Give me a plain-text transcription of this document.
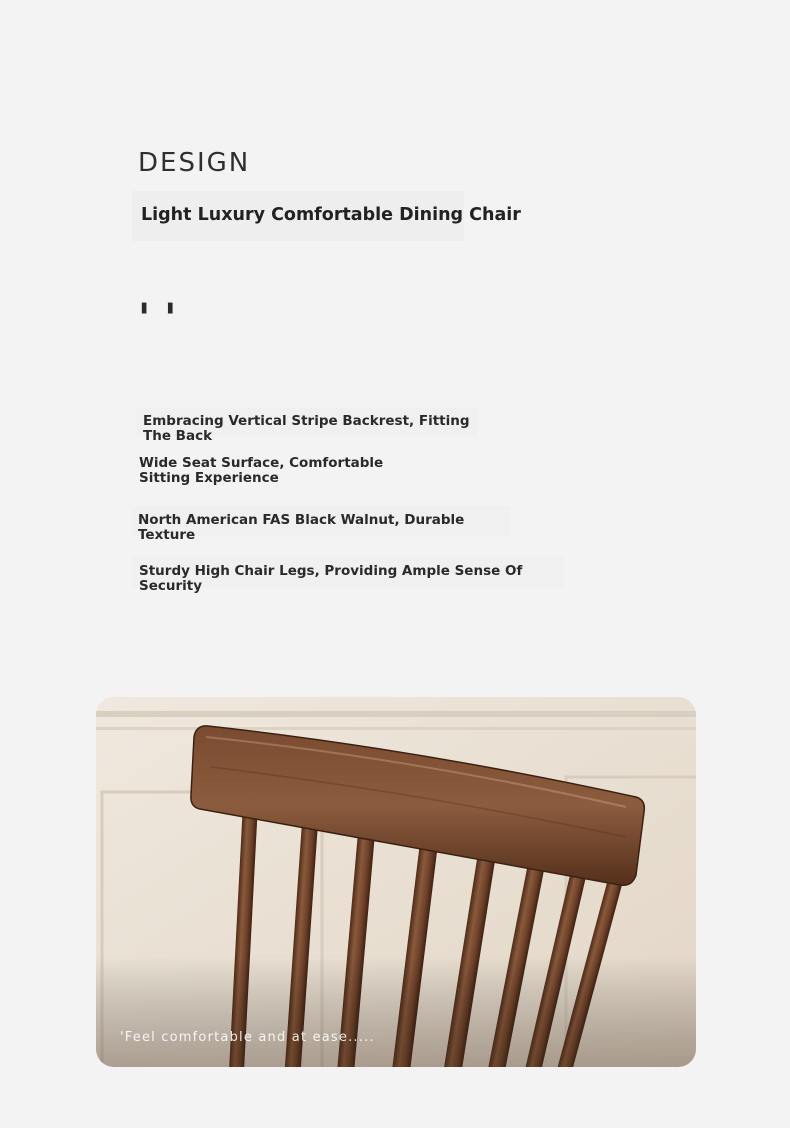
DESIGN
Light Luxury Comfortable Dining Chair
' '
Embracing Vertical Stripe Backrest, Fitting The Back
Wide Seat Surface, Comfortable Sitting Experience
North American FAS Black Walnut, Durable Texture
Sturdy High Chair Legs, Providing Ample Sense Of Security
'Feel comfortable and at ease.....
